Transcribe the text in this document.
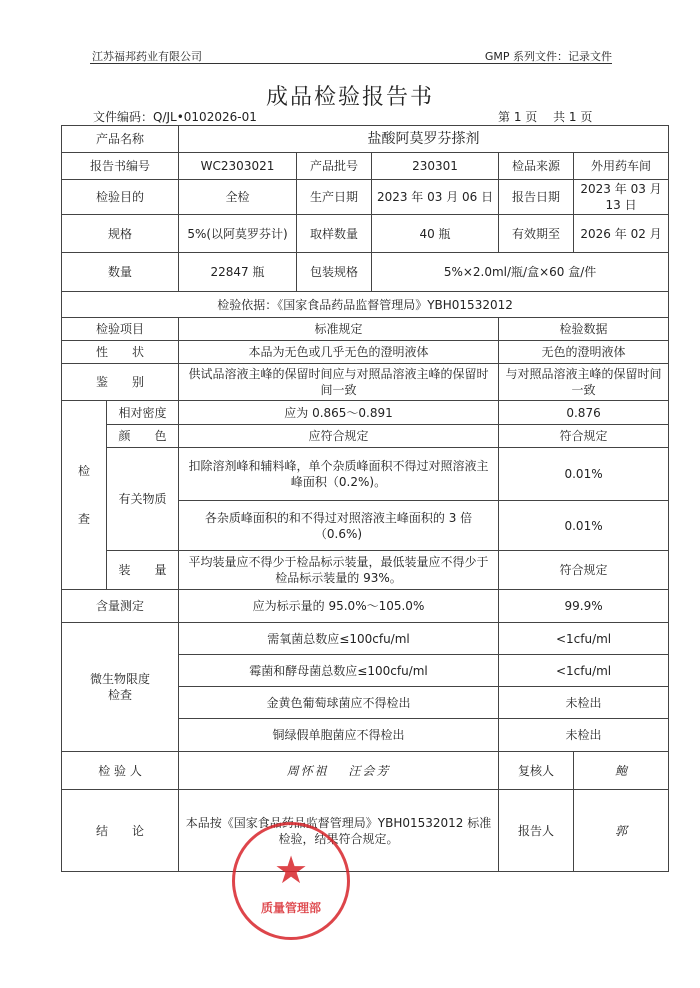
江苏福邦药业有限公司	GMP 系列文件：记录文件
成品检验报告书
文件编码：Q/JL•0102026-01	第 1 页　 共 1 页
产品名称		盐酸阿莫罗芬搽剂				
报告书编号		WC2303021	产品批号	230301	检品来源	外用药车间
检验目的		全检	生产日期	2023 年 03 月 06 日	报告日期	2023 年 03 月 13 日
规格		5%(以阿莫罗芬计)	取样数量	40 瓶	有效期至	2026 年 02 月
数量		22847 瓶	包装规格	5%×2.0ml/瓶/盒×60 盒/件		
检验依据：《国家食品药品监督管理局》YBH01532012						
检验项目		标准规定			检验数据	
性　　状		本品为无色或几乎无色的澄明液体			无色的澄明液体	
鉴　　别		供试品溶液主峰的保留时间应与对照品溶液主峰的保留时间一致			与对照品溶液主峰的保留时间一致	
检

查	相对密度	应为 0.865～0.891			0.876	
	颜　　色	应符合规定			符合规定	
	有关物质	扣除溶剂峰和辅料峰，单个杂质峰面积不得过对照溶液主峰面积（0.2%)。			0.01%	
		各杂质峰面积的和不得过对照溶液主峰面积的 3 倍（0.6%)			0.01%	
	装　　量	平均装量应不得少于检品标示装量，最低装量应不得少于检品标示装量的 93%。			符合规定	
含量测定		应为标示量的 95.0%～105.0%			99.9%	
微生物限度
检查		需氧菌总数应≤100cfu/ml			<1cfu/ml	
		霉菌和酵母菌总数应≤100cfu/ml			<1cfu/ml	
		金黄色葡萄球菌应不得检出			未检出	
		铜绿假单胞菌应不得检出			未检出	
检 验 人		周怀祖　 汪会芳			复核人	鲍
结　　论		本品按《国家食品药品监督管理局》YBH01532012 标准检验，结果符合规定。			报告人	郭
★
质量管理部
